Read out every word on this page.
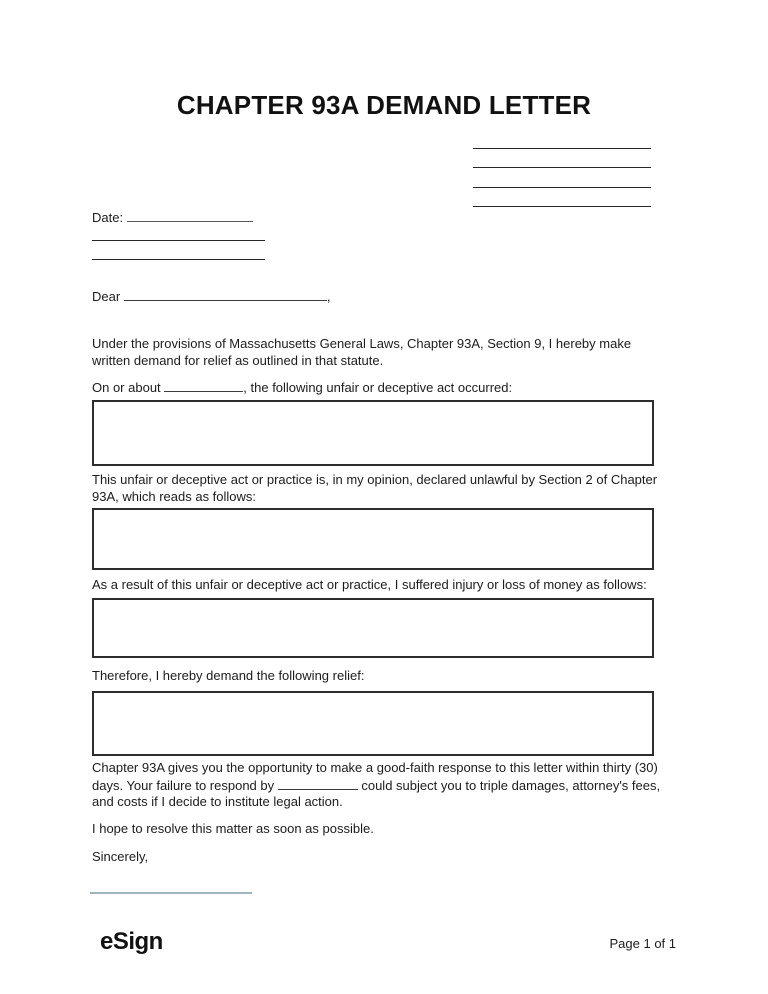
CHAPTER 93A DEMAND LETTER

Date:

Dear	,

Under the provisions of Massachusetts General Laws, Chapter 93A, Section 9, I hereby make written demand for relief as outlined in that statute.

On or about	, the following unfair or deceptive act occurred:

This unfair or deceptive act or practice is, in my opinion, declared unlawful by Section 2 of Chapter 93A, which reads as follows:

As a result of this unfair or deceptive act or practice, I suffered injury or loss of money as follows:

Therefore, I hereby demand the following relief:

Chapter 93A gives you the opportunity to make a good-faith response to this letter within thirty (30) days. Your failure to respond by	could subject you to triple damages, attorney's fees, and costs if I decide to institute legal action.

I hope to resolve this matter as soon as possible.

Sincerely,

eSign	Page 1 of 1
